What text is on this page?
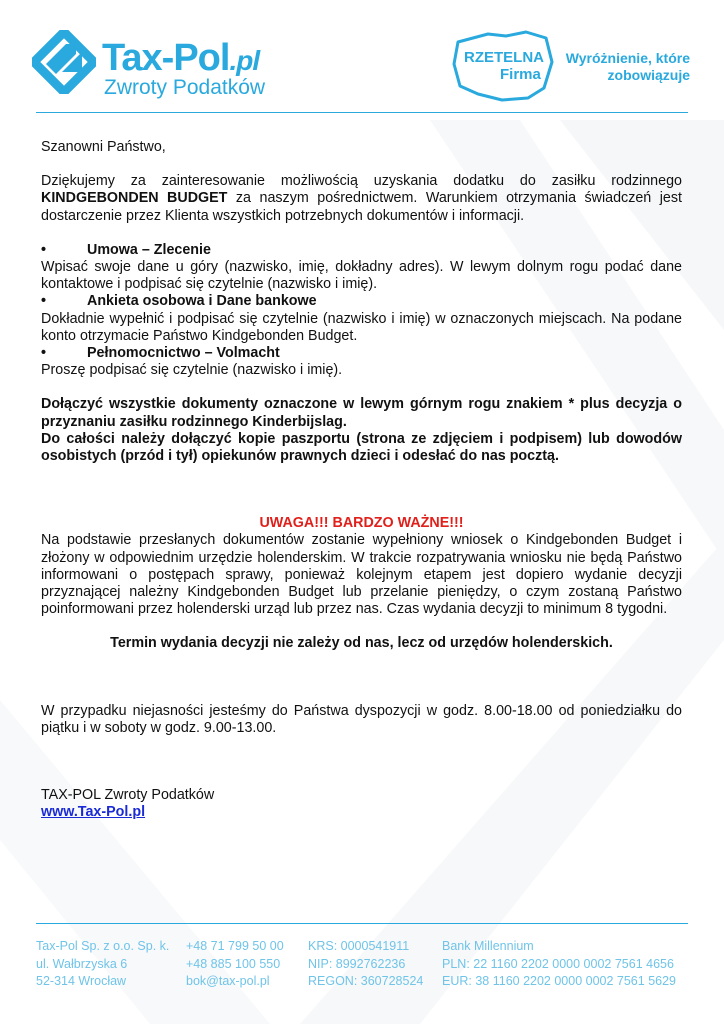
Tax-Pol.pl
Zwroty Podatków
RZETELNA
Firma
Wyróżnienie, które zobowiązuje

Szanowni Państwo,

Dziękujemy za zainteresowanie możliwością uzyskania dodatku do zasiłku rodzinnego KINDGEBONDEN BUDGET za naszym pośrednictwem. Warunkiem otrzymania świadczeń jest dostarczenie przez Klienta wszystkich potrzebnych dokumentów i informacji.

•	Umowa – Zlecenie

Wpisać swoje dane u góry (nazwisko, imię, dokładny adres). W lewym dolnym rogu podać dane kontaktowe i podpisać się czytelnie (nazwisko i imię).

•	Ankieta osobowa i Dane bankowe

Dokładnie wypełnić i podpisać się czytelnie (nazwisko i imię) w oznaczonych miejscach. Na podane konto otrzymacie Państwo Kindgebonden Budget.

•	Pełnomocnictwo – Volmacht

Proszę podpisać się czytelnie (nazwisko i imię).

Dołączyć wszystkie dokumenty oznaczone w lewym górnym rogu znakiem * plus decyzja o przyznaniu zasiłku rodzinnego Kinderbijslag.

Do całości należy dołączyć kopie paszportu (strona ze zdjęciem i podpisem) lub dowodów osobistych (przód i tył) opiekunów prawnych dzieci i odesłać do nas pocztą.

UWAGA!!! BARDZO WAŻNE!!!

Na podstawie przesłanych dokumentów zostanie wypełniony wniosek o Kindgebonden Budget i złożony w odpowiednim urzędzie holenderskim. W trakcie rozpatrywania wniosku nie będą Państwo informowani o postępach sprawy, ponieważ kolejnym etapem jest dopiero wydanie decyzji przyznającej należny Kindgebonden Budget lub przelanie pieniędzy, o czym zostaną Państwo poinformowani przez holenderski urząd lub przez nas. Czas wydania decyzji to minimum 8 tygodni.

Termin wydania decyzji nie zależy od nas, lecz od urzędów holenderskich.

W przypadku niejasności jesteśmy do Państwa dyspozycji w godz. 8.00-18.00 od poniedziałku do piątku i w soboty w godz. 9.00-13.00.

TAX-POL Zwroty Podatków

www.Tax-Pol.pl

Tax-Pol Sp. z o.o. Sp. k.
ul. Wałbrzyska 6
52-314 Wrocław
+48 71 799 50 00
+48 885 100 550
bok@tax-pol.pl
KRS: 0000541911
NIP: 8992762236
REGON: 360728524
Bank Millennium
PLN: 22 1160 2202 0000 0002 7561 4656
EUR: 38 1160 2202 0000 0002 7561 5629
